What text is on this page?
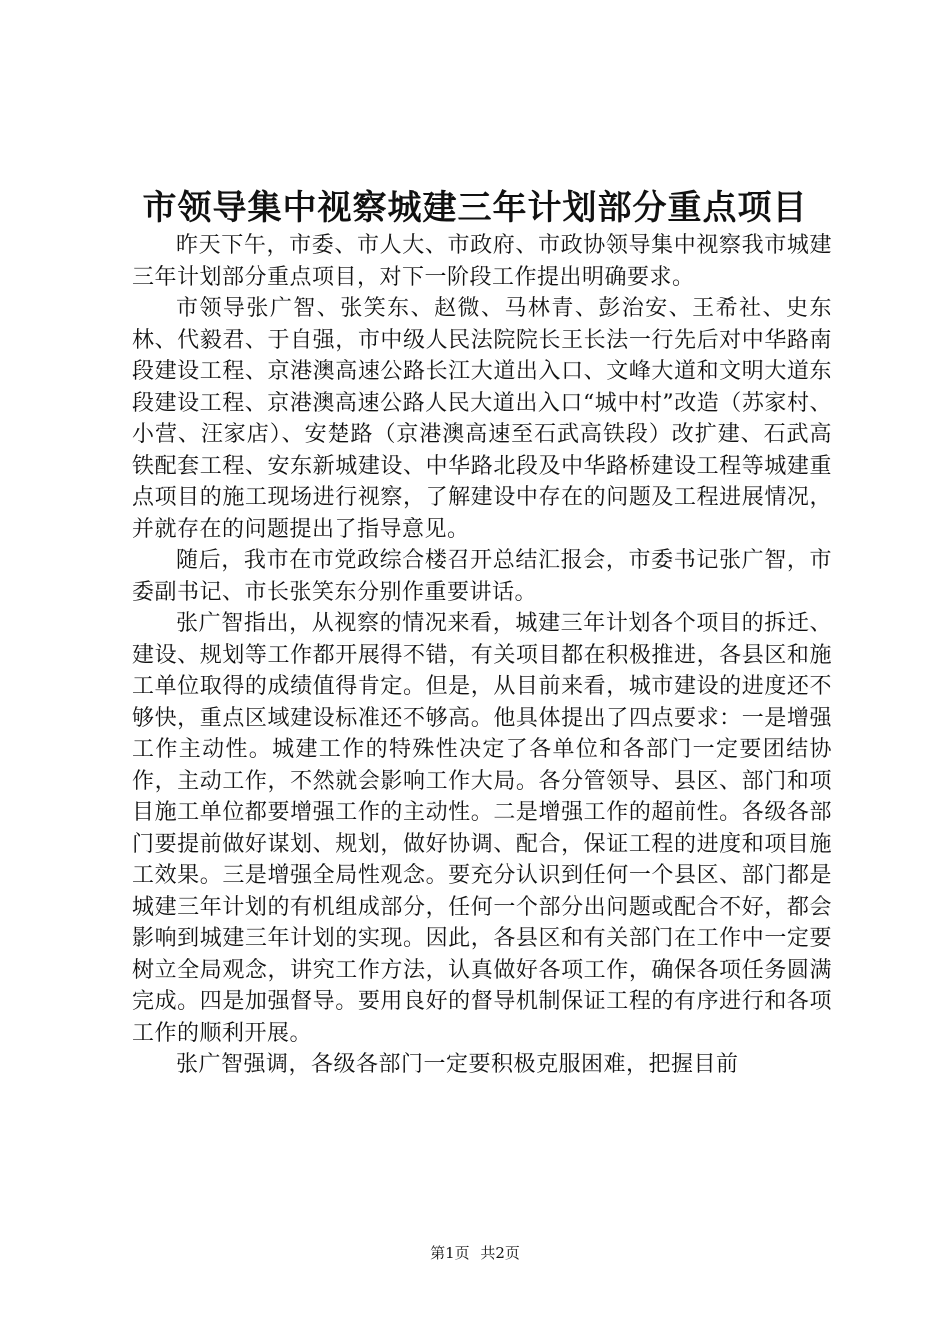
市领导集中视察城建三年计划部分重点项目

昨天下午，市委、市人大、市政府、市政协领导集中视察我市城建三年计划部分重点项目，对下一阶段工作提出明确要求。

市领导张广智、张笑东、赵微、马林青、彭治安、王希社、史东林、代毅君、于自强，市中级人民法院院长王长法一行先后对中华路南段建设工程、京港澳高速公路长江大道出入口、文峰大道和文明大道东段建设工程、京港澳高速公路人民大道出入口“城中村”改造（苏家村、小营、汪家店）、安楚路（京港澳高速至石武高铁段）改扩建、石武高铁配套工程、安东新城建设、中华路北段及中华路桥建设工程等城建重点项目的施工现场进行视察，了解建设中存在的问题及工程进展情况，并就存在的问题提出了指导意见。

随后，我市在市党政综合楼召开总结汇报会，市委书记张广智，市委副书记、市长张笑东分别作重要讲话。

张广智指出，从视察的情况来看，城建三年计划各个项目的拆迁、建设、规划等工作都开展得不错，有关项目都在积极推进，各县区和施工单位取得的成绩值得肯定。但是，从目前来看，城市建设的进度还不够快，重点区域建设标准还不够高。他具体提出了四点要求：一是增强工作主动性。城建工作的特殊性决定了各单位和各部门一定要团结协作，主动工作，不然就会影响工作大局。各分管领导、县区、部门和项目施工单位都要增强工作的主动性。二是增强工作的超前性。各级各部门要提前做好谋划、规划，做好协调、配合，保证工程的进度和项目施工效果。三是增强全局性观念。要充分认识到任何一个县区、部门都是城建三年计划的有机组成部分，任何一个部分出问题或配合不好，都会影响到城建三年计划的实现。因此，各县区和有关部门在工作中一定要树立全局观念，讲究工作方法，认真做好各项工作，确保各项任务圆满完成。四是加强督导。要用良好的督导机制保证工程的有序进行和各项工作的顺利开展。

张广智强调，各级各部门一定要积极克服困难，把握目前

第1页 共2页
